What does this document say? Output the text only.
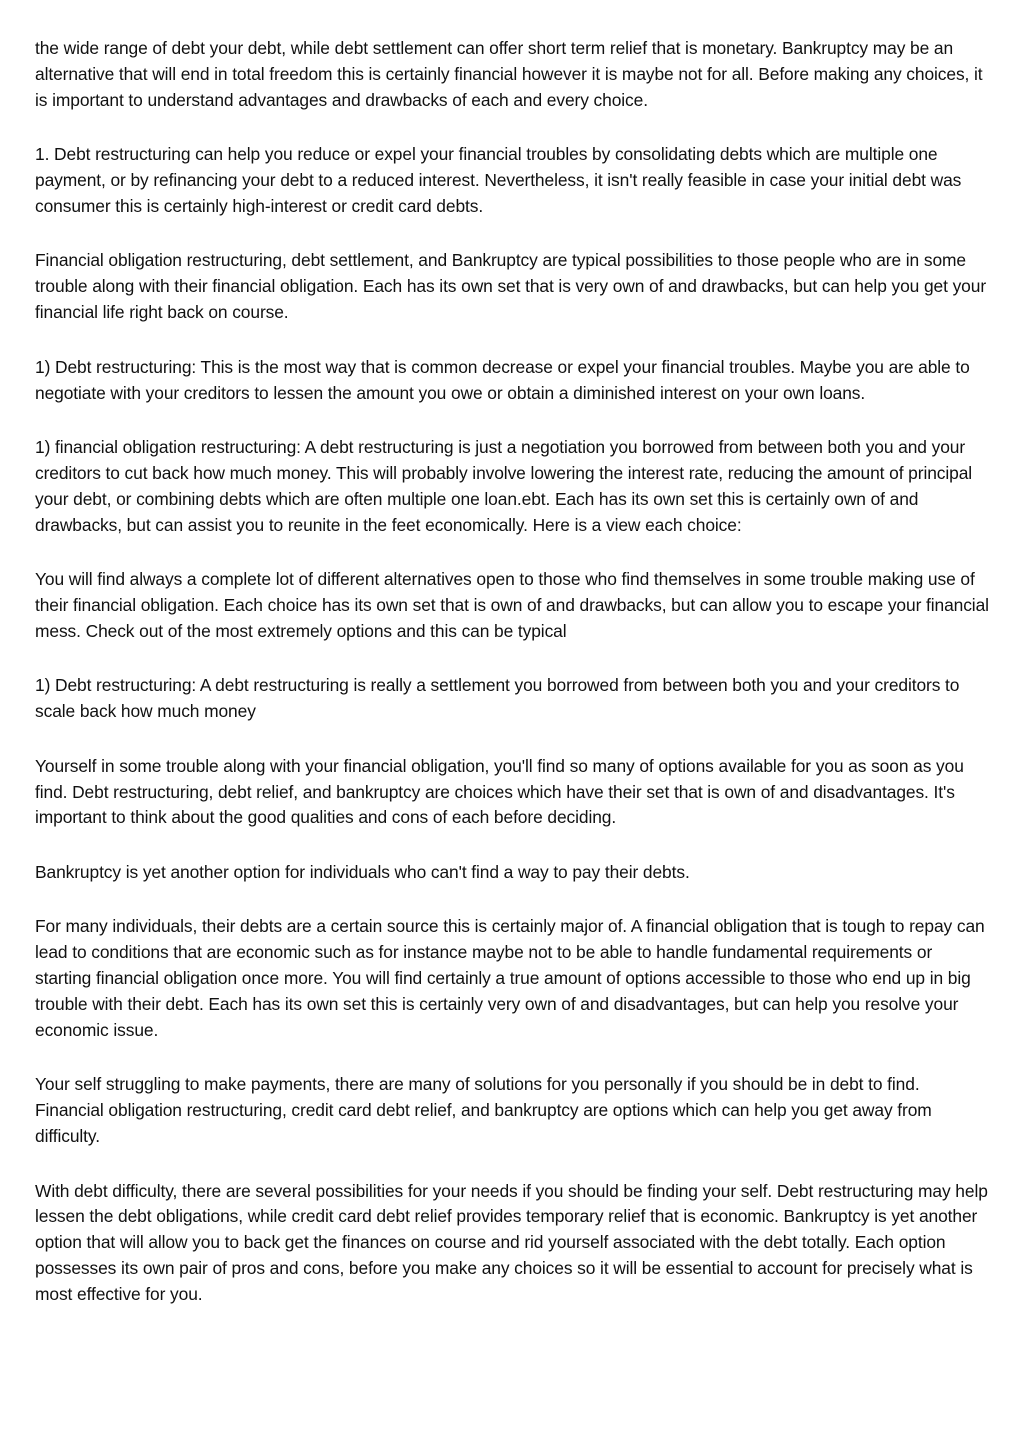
the wide range of debt your debt, while debt settlement can offer short term relief that is monetary. Bankruptcy may be an alternative that will end in total freedom this is certainly financial however it is maybe not for all. Before making any choices, it is important to understand advantages and drawbacks of each and every choice.

1. Debt restructuring can help you reduce or expel your financial troubles by consolidating debts which are multiple one payment, or by refinancing your debt to a reduced interest. Nevertheless, it isn't really feasible in case your initial debt was consumer this is certainly high-interest or credit card debts.

Financial obligation restructuring, debt settlement, and Bankruptcy are typical possibilities to those people who are in some trouble along with their financial obligation. Each has its own set that is very own of and drawbacks, but can help you get your financial life right back on course.

1) Debt restructuring: This is the most way that is common decrease or expel your financial troubles. Maybe you are able to negotiate with your creditors to lessen the amount you owe or obtain a diminished interest on your own loans.

1) financial obligation restructuring: A debt restructuring is just a negotiation you borrowed from between both you and your creditors to cut back how much money. This will probably involve lowering the interest rate, reducing the amount of principal your debt, or combining debts which are often multiple one loan.ebt. Each has its own set this is certainly own of and drawbacks, but can assist you to reunite in the feet economically. Here is a view each choice:

You will find always a complete lot of different alternatives open to those who find themselves in some trouble making use of their financial obligation. Each choice has its own set that is own of and drawbacks, but can allow you to escape your financial mess. Check out of the most extremely options and this can be typical

1) Debt restructuring: A debt restructuring is really a settlement you borrowed from between both you and your creditors to scale back how much money

Yourself in some trouble along with your financial obligation, you'll find so many of options available for you as soon as you find. Debt restructuring, debt relief, and bankruptcy are choices which have their set that is own of and disadvantages. It's important to think about the good qualities and cons of each before deciding.

Bankruptcy is yet another option for individuals who can't find a way to pay their debts.

For many individuals, their debts are a certain source this is certainly major of. A financial obligation that is tough to repay can lead to conditions that are economic such as for instance maybe not to be able to handle fundamental requirements or starting financial obligation once more. You will find certainly a true amount of options accessible to those who end up in big trouble with their debt. Each has its own set this is certainly very own of and disadvantages, but can help you resolve your economic issue.

Your self struggling to make payments, there are many of solutions for you personally if you should be in debt to find. Financial obligation restructuring, credit card debt relief, and bankruptcy are options which can help you get away from difficulty.

With debt difficulty, there are several possibilities for your needs if you should be finding your self. Debt restructuring may help lessen the debt obligations, while credit card debt relief provides temporary relief that is economic. Bankruptcy is yet another option that will allow you to back get the finances on course and rid yourself associated with the debt totally. Each option possesses its own pair of pros and cons, before you make any choices so it will be essential to account for precisely what is most effective for you.
